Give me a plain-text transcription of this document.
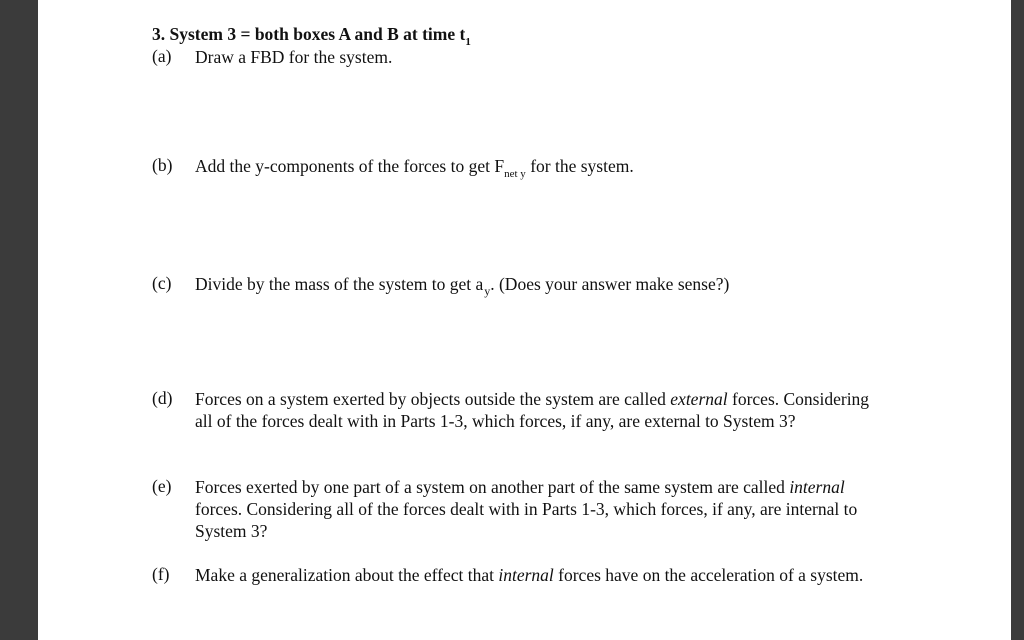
3. System 3 = both boxes A and B at time $t_1$
(a)	Draw a FBD for the system.
(b)	Add the y-components of the forces to get $F_{net y}$ for the system.
(c)	Divide by the mass of the system to get $a_y$. (Does your answer make sense?)
(d)	Forces on a system exerted by objects outside the system are called external forces. Considering all of the forces dealt with in Parts 1-3, which forces, if any, are external to System 3?
(e)	Forces exerted by one part of a system on another part of the same system are called internal forces. Considering all of the forces dealt with in Parts 1-3, which forces, if any, are internal to System 3?
(f)	Make a generalization about the effect that internal forces have on the acceleration of a system.
